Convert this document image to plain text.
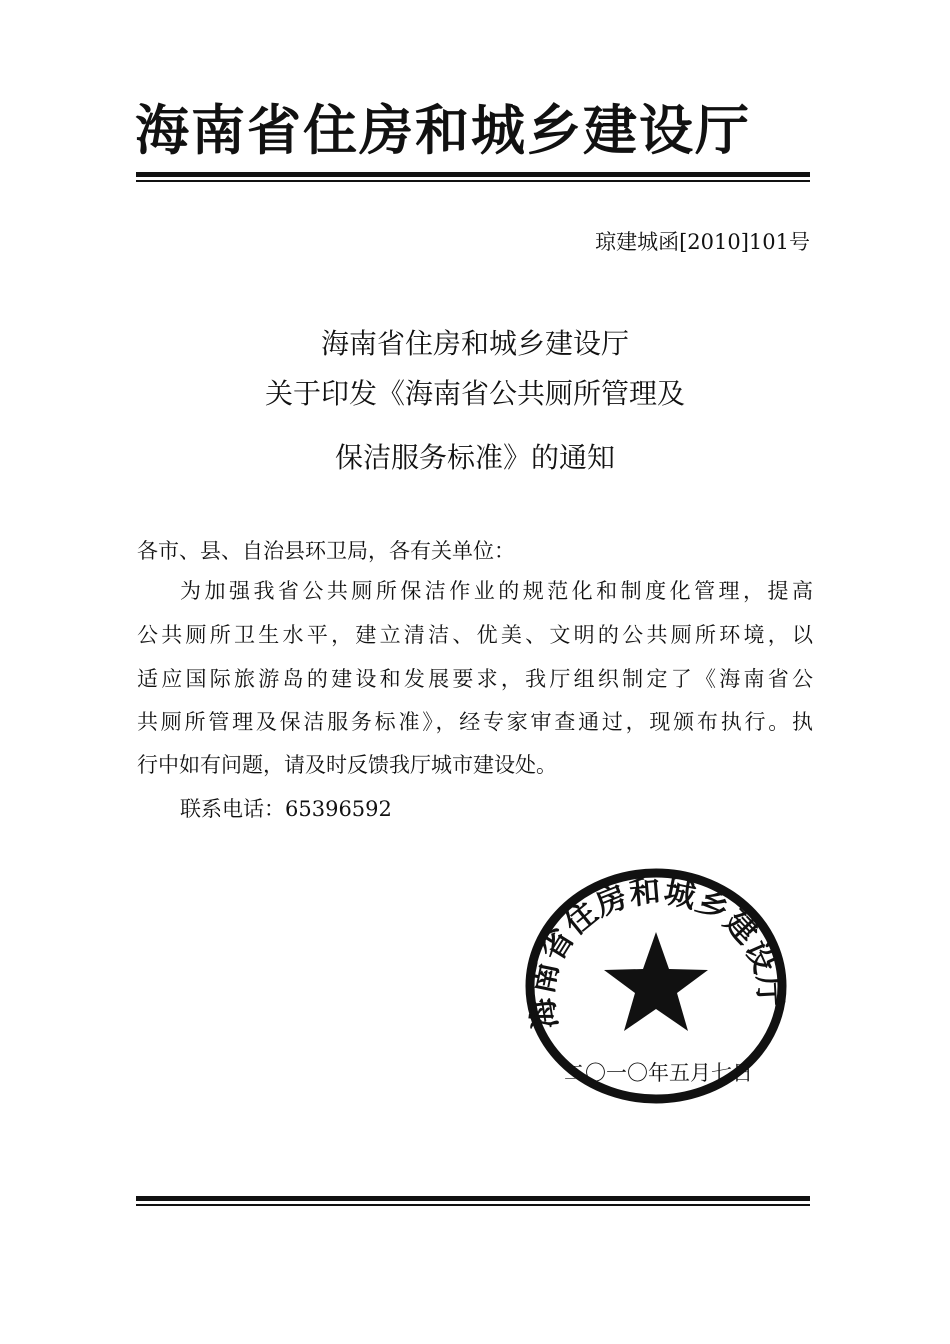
海南省住房和城乡建设厅
琼建城函[2010]101号
海南省住房和城乡建设厅
关于印发《海南省公共厕所管理及
保洁服务标准》的通知
各市、县、自治县环卫局，各有关单位：
为加强我省公共厕所保洁作业的规范化和制度化管理，提高
公共厕所卫生水平，建立清洁、优美、文明的公共厕所环境，以
适应国际旅游岛的建设和发展要求，我厅组织制定了《海南省公
共厕所管理及保洁服务标准》，经专家审查通过，现颁布执行。执
行中如有问题，请及时反馈我厅城市建设处。
联系电话：65396592
海南省住房和城乡建设厅
二〇一〇年五月七日
